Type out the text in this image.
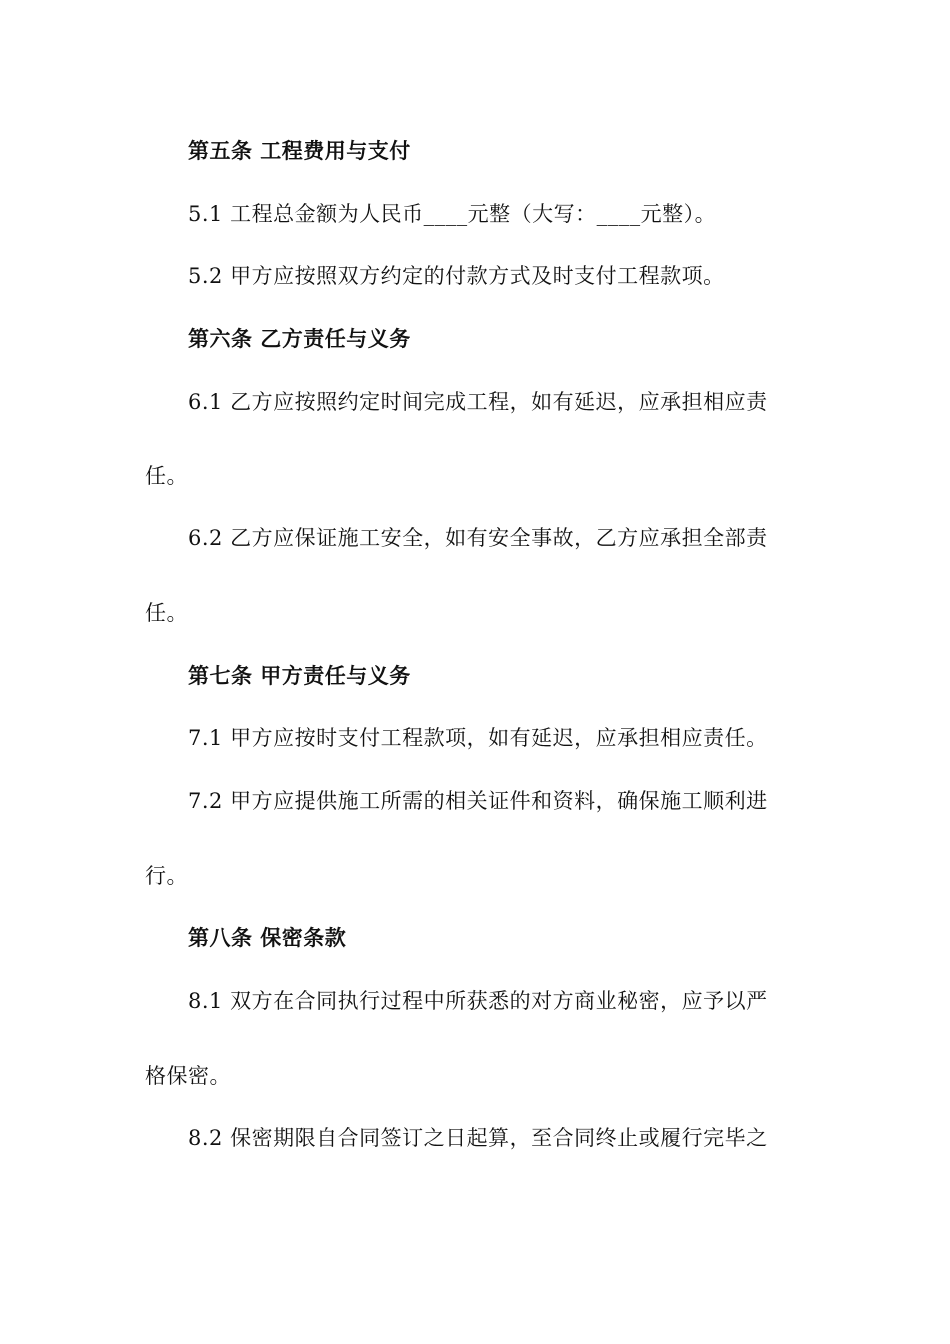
第五条 工程费用与支付
5.1 工程总金额为人民币____元整（大写：____元整）。
5.2 甲方应按照双方约定的付款方式及时支付工程款项。
第六条 乙方责任与义务
6.1 乙方应按照约定时间完成工程，如有延迟，应承担相应责
任。
6.2 乙方应保证施工安全，如有安全事故，乙方应承担全部责
任。
第七条 甲方责任与义务
7.1 甲方应按时支付工程款项，如有延迟，应承担相应责任。
7.2 甲方应提供施工所需的相关证件和资料，确保施工顺利进
行。
第八条 保密条款
8.1 双方在合同执行过程中所获悉的对方商业秘密，应予以严
格保密。
8.2 保密期限自合同签订之日起算，至合同终止或履行完毕之
